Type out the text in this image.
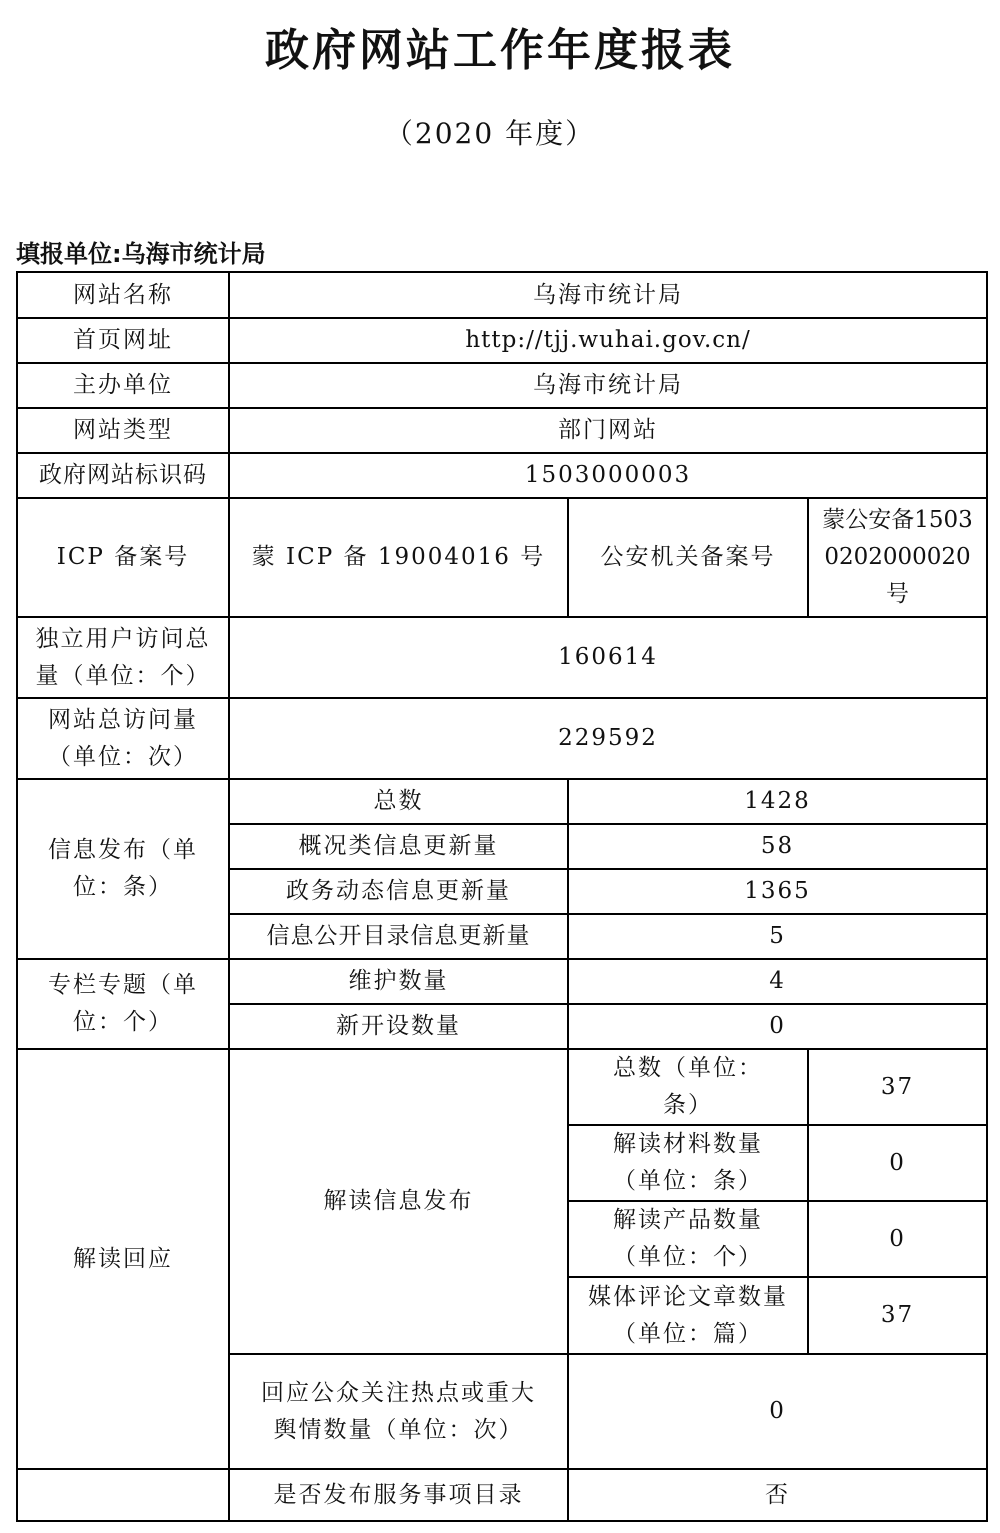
政府网站工作年度报表
（2020 年度）
填报单位:乌海市统计局
网站名称	乌海市统计局		
首页网址	http://tjj.wuhai.gov.cn/		
主办单位	乌海市统计局		
网站类型	部门网站		
政府网站标识码	1503000003		
ICP 备案号	蒙 ICP 备 19004016 号	公安机关备案号	蒙公安备15030202000020 号
独立用户访问总量（单位：个）	160614		
网站总访问量（单位：次）	229592		
信息发布（单位：条）	总数	1428	
	概况类信息更新量	58	
	政务动态信息更新量	1365	
	信息公开目录信息更新量	5	
专栏专题（单位：个）	维护数量	4	
	新开设数量	0	
解读回应	解读信息发布	总数（单位：条）	37
		解读材料数量（单位：条）	0
		解读产品数量（单位：个）	0
		媒体评论文章数量（单位：篇）	37
	回应公众关注热点或重大舆情数量（单位：次）	0	
	是否发布服务事项目录	否	
